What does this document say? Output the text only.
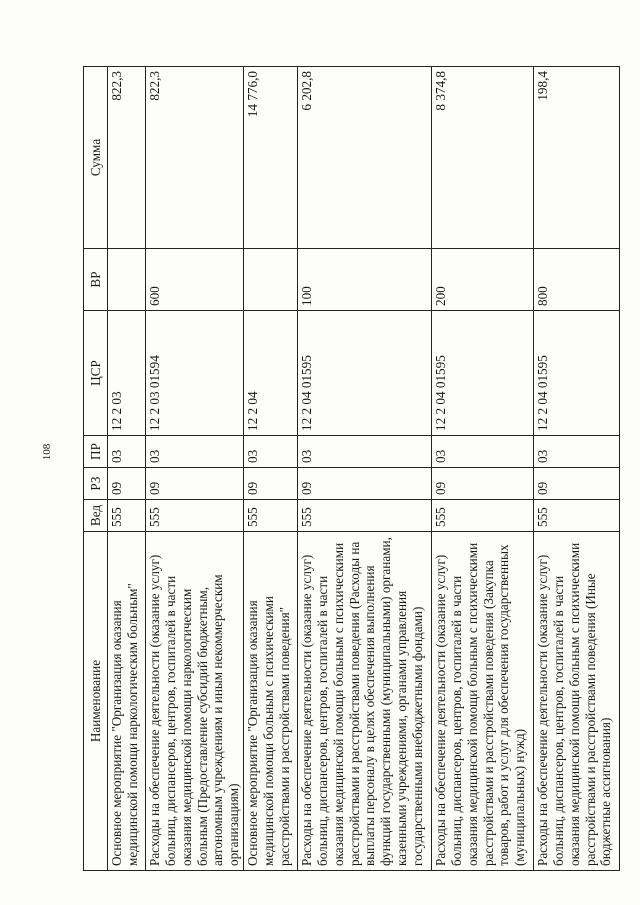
108
Наименование	Вед	РЗ	ПР	ЦСР	ВР	Сумма
Основное мероприятие "Организация оказания медицинской помощи наркологическим больным"	555	09	03	12 2 03		822,3
Расходы на обеспечение деятельности (оказание услуг) больниц, диспансеров, центров, госпиталей в части оказания медицинской помощи наркологическим больным (Предоставление субсидий бюджетным, автономным учреждениям и иным некоммерческим организациям)	555	09	03	12 2 03 01594	600	822,3
Основное мероприятие "Организация оказания медицинской помощи больным с психическими расстройствами и расстройствами поведения"	555	09	03	12 2 04		14 776,0
Расходы на обеспечение деятельности (оказание услуг) больниц, диспансеров, центров, госпиталей в части оказания медицинской помощи больным с психическими расстройствами и расстройствами поведения (Расходы на выплаты персоналу в целях обеспечения выполнения функций государственными (муниципальными) органами, казенными учреждениями, органами управления государственными внебюджетными фондами)	555	09	03	12 2 04 01595	100	6 202,8
Расходы на обеспечение деятельности (оказание услуг) больниц, диспансеров, центров, госпиталей в части оказания медицинской помощи больным с психическими расстройствами и расстройствами поведения (Закупка товаров, работ и услуг для обеспечения государственных (муниципальных) нужд)	555	09	03	12 2 04 01595	200	8 374,8
Расходы на обеспечение деятельности (оказание услуг) больниц, диспансеров, центров, госпиталей в части оказания медицинской помощи больным с психическими расстройствами и расстройствами поведения (Иные бюджетные ассигнования)	555	09	03	12 2 04 01595	800	198,4
